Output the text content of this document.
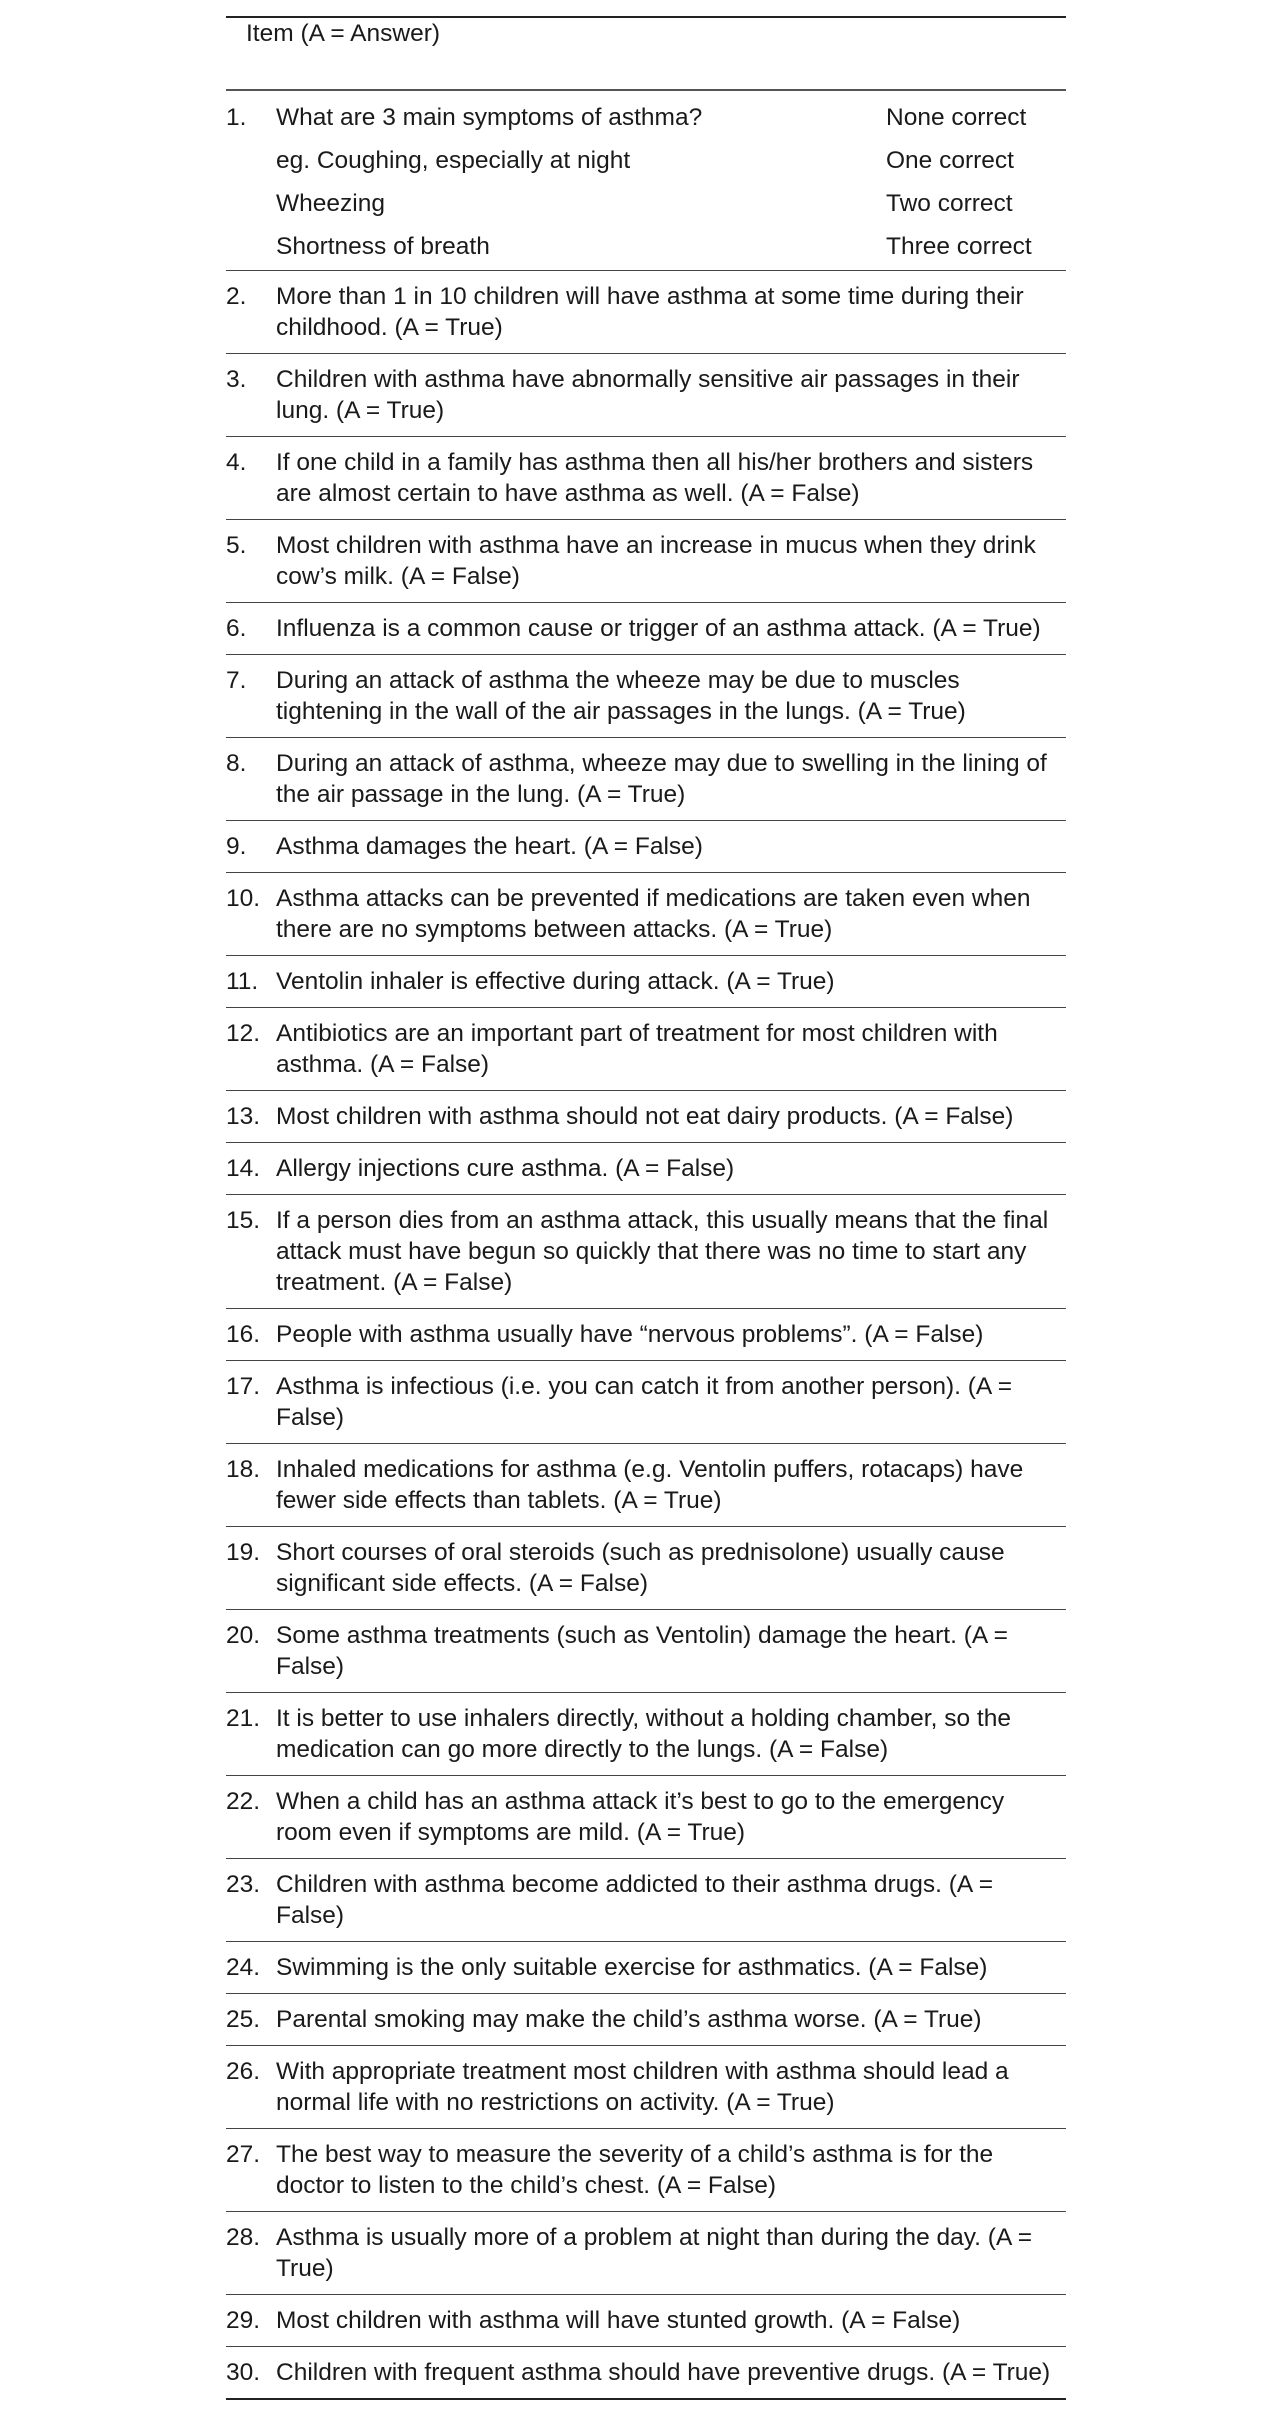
Item (A = Answer)		
1.	What are 3 main symptoms of asthma?	None correct
	eg. Coughing, especially at night	One correct
	Wheezing	Two correct
	Shortness of breath	Three correct
2.	More than 1 in 10 children will have asthma at some time during their childhood. (A = True)	
3.	Children with asthma have abnormally sensitive air passages in their lung. (A = True)	
4.	If one child in a family has asthma then all his/her brothers and sisters are almost certain to have asthma as well. (A = False)	
5.	Most children with asthma have an increase in mucus when they drink cow’s milk. (A = False)	
6.	Influenza is a common cause or trigger of an asthma attack. (A = True)	
7.	During an attack of asthma the wheeze may be due to muscles tightening in the wall of the air passages in the lungs. (A = True)	
8.	During an attack of asthma, wheeze may due to swelling in the lining of the air passage in the lung. (A = True)	
9.	Asthma damages the heart. (A = False)	
10.	Asthma attacks can be prevented if medications are taken even when there are no symptoms between attacks. (A = True)	
11.	Ventolin inhaler is effective during attack. (A = True)	
12.	Antibiotics are an important part of treatment for most children with asthma. (A = False)	
13.	Most children with asthma should not eat dairy products. (A = False)	
14.	Allergy injections cure asthma. (A = False)	
15.	If a person dies from an asthma attack, this usually means that the final attack must have begun so quickly that there was no time to start any treatment. (A = False)	
16.	People with asthma usually have “nervous problems”. (A = False)	
17.	Asthma is infectious (i.e. you can catch it from another person). (A = False)	
18.	Inhaled medications for asthma (e.g. Ventolin puffers, rotacaps) have fewer side effects than tablets. (A = True)	
19.	Short courses of oral steroids (such as prednisolone) usually cause significant side effects. (A = False)	
20.	Some asthma treatments (such as Ventolin) damage the heart. (A = False)	
21.	It is better to use inhalers directly, without a holding chamber, so the medication can go more directly to the lungs. (A = False)	
22.	When a child has an asthma attack it’s best to go to the emergency room even if symptoms are mild. (A = True)	
23.	Children with asthma become addicted to their asthma drugs. (A = False)	
24.	Swimming is the only suitable exercise for asthmatics. (A = False)	
25.	Parental smoking may make the child’s asthma worse. (A = True)	
26.	With appropriate treatment most children with asthma should lead a normal life with no restrictions on activity. (A = True)	
27.	The best way to measure the severity of a child’s asthma is for the doctor to listen to the child’s chest. (A = False)	
28.	Asthma is usually more of a problem at night than during the day. (A = True)	
29.	Most children with asthma will have stunted growth. (A = False)	
30.	Children with frequent asthma should have preventive drugs. (A = True)	
